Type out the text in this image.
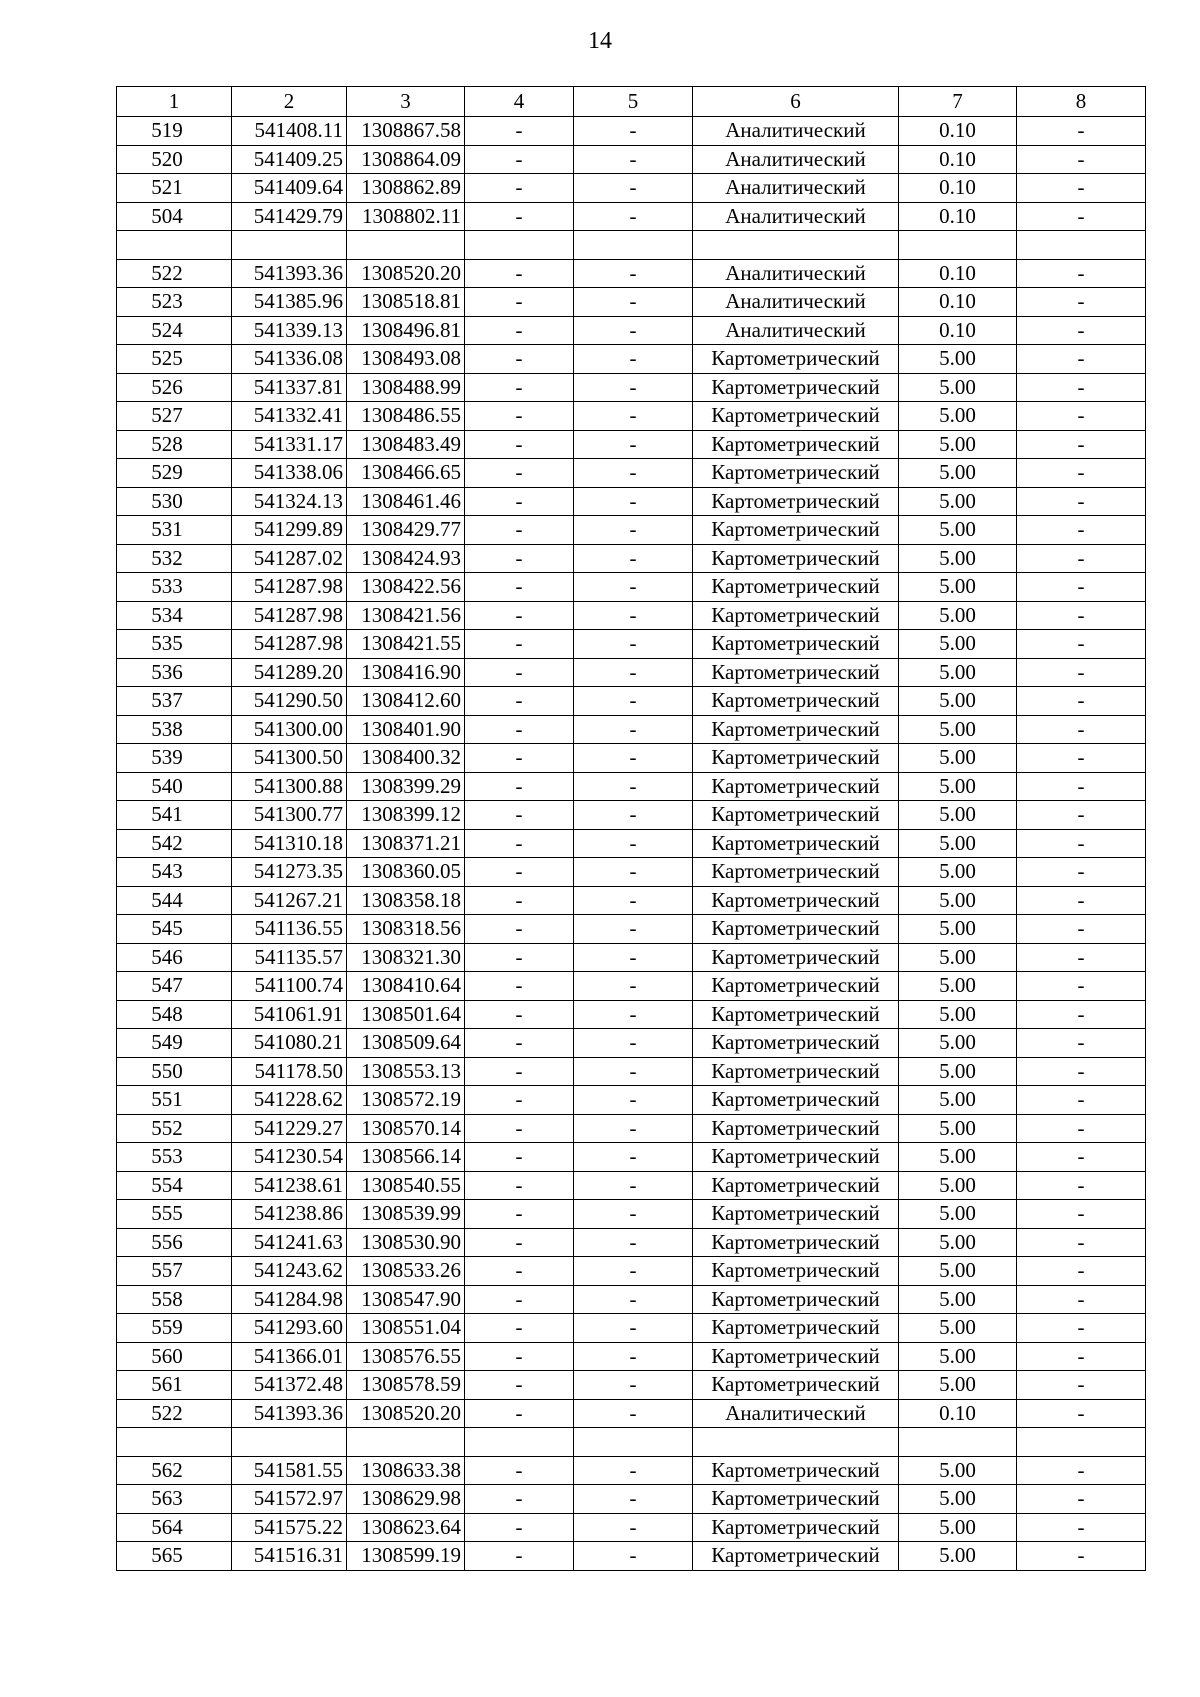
14
1	2	3	4	5	6	7	8
519	541408.11	1308867.58	-	-	Аналитический	0.10	-
520	541409.25	1308864.09	-	-	Аналитический	0.10	-
521	541409.64	1308862.89	-	-	Аналитический	0.10	-
504	541429.79	1308802.11	-	-	Аналитический	0.10	-

522	541393.36	1308520.20	-	-	Аналитический	0.10	-
523	541385.96	1308518.81	-	-	Аналитический	0.10	-
524	541339.13	1308496.81	-	-	Аналитический	0.10	-
525	541336.08	1308493.08	-	-	Картометрический	5.00	-
526	541337.81	1308488.99	-	-	Картометрический	5.00	-
527	541332.41	1308486.55	-	-	Картометрический	5.00	-
528	541331.17	1308483.49	-	-	Картометрический	5.00	-
529	541338.06	1308466.65	-	-	Картометрический	5.00	-
530	541324.13	1308461.46	-	-	Картометрический	5.00	-
531	541299.89	1308429.77	-	-	Картометрический	5.00	-
532	541287.02	1308424.93	-	-	Картометрический	5.00	-
533	541287.98	1308422.56	-	-	Картометрический	5.00	-
534	541287.98	1308421.56	-	-	Картометрический	5.00	-
535	541287.98	1308421.55	-	-	Картометрический	5.00	-
536	541289.20	1308416.90	-	-	Картометрический	5.00	-
537	541290.50	1308412.60	-	-	Картометрический	5.00	-
538	541300.00	1308401.90	-	-	Картометрический	5.00	-
539	541300.50	1308400.32	-	-	Картометрический	5.00	-
540	541300.88	1308399.29	-	-	Картометрический	5.00	-
541	541300.77	1308399.12	-	-	Картометрический	5.00	-
542	541310.18	1308371.21	-	-	Картометрический	5.00	-
543	541273.35	1308360.05	-	-	Картометрический	5.00	-
544	541267.21	1308358.18	-	-	Картометрический	5.00	-
545	541136.55	1308318.56	-	-	Картометрический	5.00	-
546	541135.57	1308321.30	-	-	Картометрический	5.00	-
547	541100.74	1308410.64	-	-	Картометрический	5.00	-
548	541061.91	1308501.64	-	-	Картометрический	5.00	-
549	541080.21	1308509.64	-	-	Картометрический	5.00	-
550	541178.50	1308553.13	-	-	Картометрический	5.00	-
551	541228.62	1308572.19	-	-	Картометрический	5.00	-
552	541229.27	1308570.14	-	-	Картометрический	5.00	-
553	541230.54	1308566.14	-	-	Картометрический	5.00	-
554	541238.61	1308540.55	-	-	Картометрический	5.00	-
555	541238.86	1308539.99	-	-	Картометрический	5.00	-
556	541241.63	1308530.90	-	-	Картометрический	5.00	-
557	541243.62	1308533.26	-	-	Картометрический	5.00	-
558	541284.98	1308547.90	-	-	Картометрический	5.00	-
559	541293.60	1308551.04	-	-	Картометрический	5.00	-
560	541366.01	1308576.55	-	-	Картометрический	5.00	-
561	541372.48	1308578.59	-	-	Картометрический	5.00	-
522	541393.36	1308520.20	-	-	Аналитический	0.10	-

562	541581.55	1308633.38	-	-	Картометрический	5.00	-
563	541572.97	1308629.98	-	-	Картометрический	5.00	-
564	541575.22	1308623.64	-	-	Картометрический	5.00	-
565	541516.31	1308599.19	-	-	Картометрический	5.00	-
